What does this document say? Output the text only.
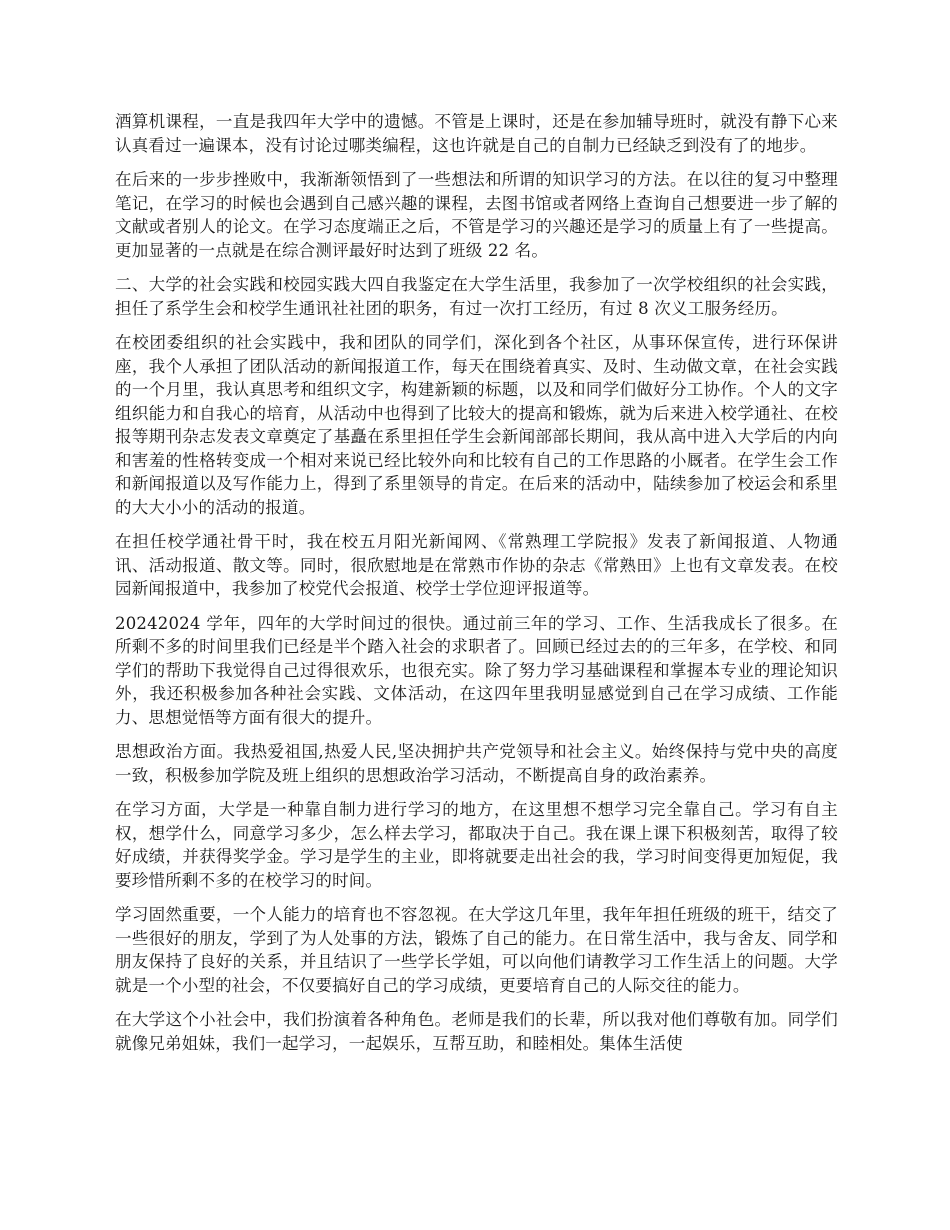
酒算机课程，一直是我四年大学中的遗憾。不管是上课时，还是在参加辅导班时，就没有静下心来认真看过一遍课本，没有讨论过哪类编程，这也许就是自己的自制力已经缺乏到没有了的地步。

在后来的一步步挫败中，我渐渐领悟到了一些想法和所谓的知识学习的方法。在以往的复习中整理笔记，在学习的时候也会遇到自己感兴趣的课程，去图书馆或者网络上查询自己想要进一步了解的文献或者别人的论文。在学习态度端正之后，不管是学习的兴趣还是学习的质量上有了一些提高。更加显著的一点就是在综合测评最好时达到了班级 22 名。

二、大学的社会实践和校园实践大四自我鉴定在大学生活里，我参加了一次学校组织的社会实践，担任了系学生会和校学生通讯社社团的职务，有过一次打工经历，有过 8 次义工服务经历。

在校团委组织的社会实践中，我和团队的同学们，深化到各个社区，从事环保宣传，进行环保讲座，我个人承担了团队活动的新闻报道工作，每天在围绕着真实、及时、生动做文章，在社会实践的一个月里，我认真思考和组织文字，构建新颖的标题，以及和同学们做好分工协作。个人的文字组织能力和自我心的培育，从活动中也得到了比较大的提高和锻炼，就为后来进入校学通社、在校报等期刊杂志发表文章奠定了基矗在系里担任学生会新闻部部长期间，我从高中进入大学后的内向和害羞的性格转变成一个相对来说已经比较外向和比较有自己的工作思路的小厩者。在学生会工作和新闻报道以及写作能力上，得到了系里领导的肯定。在后来的活动中，陆续参加了校运会和系里的大大小小的活动的报道。

在担任校学通社骨干时，我在校五月阳光新闻网、《常熟理工学院报》发表了新闻报道、人物通讯、活动报道、散文等。同时，很欣慰地是在常熟市作协的杂志《常熟田》上也有文章发表。在校园新闻报道中，我参加了校党代会报道、校学士学位迎评报道等。

20242024 学年，四年的大学时间过的很快。通过前三年的学习、工作、生活我成长了很多。在所剩不多的时间里我们已经是半个踏入社会的求职者了。回顾已经过去的的三年多，在学校、和同学们的帮助下我觉得自己过得很欢乐，也很充实。除了努力学习基础课程和掌握本专业的理论知识外，我还积极参加各种社会实践、文体活动，在这四年里我明显感觉到自己在学习成绩、工作能力、思想觉悟等方面有很大的提升。

思想政治方面。我热爱祖国,热爱人民,坚决拥护共产党领导和社会主义。始终保持与党中央的高度一致，积极参加学院及班上组织的思想政治学习活动，不断提高自身的政治素养。

在学习方面，大学是一种靠自制力进行学习的地方，在这里想不想学习完全靠自己。学习有自主权，想学什么，同意学习多少，怎么样去学习，都取决于自己。我在课上课下积极刻苦，取得了较好成绩，并获得奖学金。学习是学生的主业，即将就要走出社会的我，学习时间变得更加短促，我要珍惜所剩不多的在校学习的时间。

学习固然重要，一个人能力的培育也不容忽视。在大学这几年里，我年年担任班级的班干，结交了一些很好的朋友，学到了为人处事的方法，锻炼了自己的能力。在日常生活中，我与舍友、同学和朋友保持了良好的关系，并且结识了一些学长学姐，可以向他们请教学习工作生活上的问题。大学就是一个小型的社会，不仅要搞好自己的学习成绩，更要培育自己的人际交往的能力。

在大学这个小社会中，我们扮演着各种角色。老师是我们的长辈，所以我对他们尊敬有加。同学们就像兄弟姐妹，我们一起学习，一起娱乐，互帮互助，和睦相处。集体生活使
